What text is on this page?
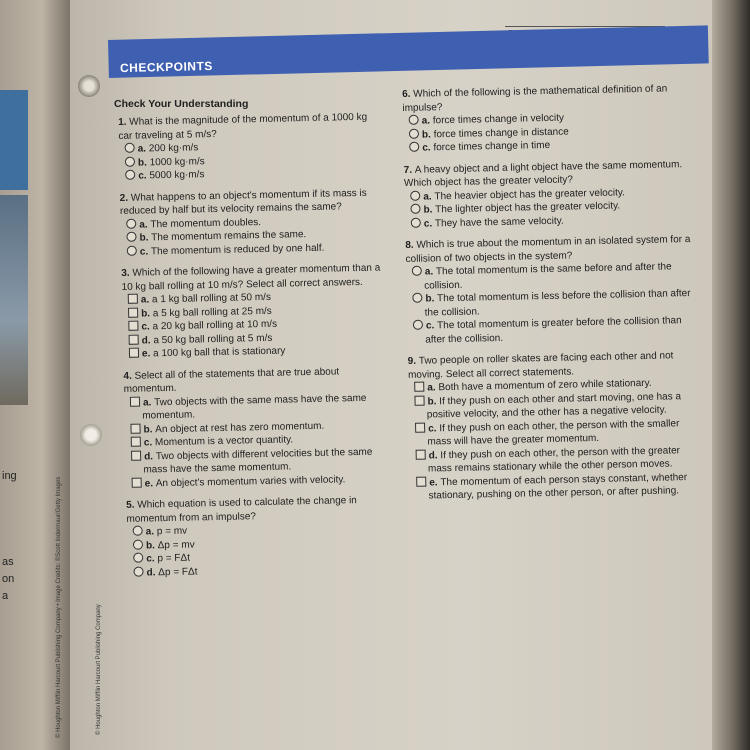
ing
as
on
a
CHECKPOINTS
Check Your Understanding
© Houghton Mifflin Harcourt Publishing Company • Image Credits: ©Scott Indermaur/Getty Images	© Houghton Mifflin Harcourt Publishing Company
1. What is the magnitude of the momentum of a 1000 kg car traveling at 5 m/s?
a. 200 kg·m/s
b. 1000 kg·m/s
c. 5000 kg·m/s
2. What happens to an object's momentum if its mass is reduced by half but its velocity remains the same?
a. The momentum doubles.
b. The momentum remains the same.
c. The momentum is reduced by one half.
3. Which of the following have a greater momentum than a 10 kg ball rolling at 10 m/s? Select all correct answers.
a. a 1 kg ball rolling at 50 m/s
b. a 5 kg ball rolling at 25 m/s
c. a 20 kg ball rolling at 10 m/s
d. a 50 kg ball rolling at 5 m/s
e. a 100 kg ball that is stationary
4. Select all of the statements that are true about momentum.
a. Two objects with the same mass have the same momentum.
b. An object at rest has zero momentum.
c. Momentum is a vector quantity.
d. Two objects with different velocities but the same mass have the same momentum.
e. An object's momentum varies with velocity.
5. Which equation is used to calculate the change in momentum from an impulse?
a. p = mv
b. Δp = mv
c. p = FΔt
d. Δp = FΔt
6. Which of the following is the mathematical definition of an impulse?
a. force times change in velocity
b. force times change in distance
c. force times change in time
7. A heavy object and a light object have the same momentum. Which object has the greater velocity?
a. The heavier object has the greater velocity.
b. The lighter object has the greater velocity.
c. They have the same velocity.
8. Which is true about the momentum in an isolated system for a collision of two objects in the system?
a. The total momentum is the same before and after the collision.
b. The total momentum is less before the collision than after the collision.
c. The total momentum is greater before the collision than after the collision.
9. Two people on roller skates are facing each other and not moving. Select all correct statements.
a. Both have a momentum of zero while stationary.
b. If they push on each other and start moving, one has a positive velocity, and the other has a negative velocity.
c. If they push on each other, the person with the smaller mass will have the greater momentum.
d. If they push on each other, the person with the greater mass remains stationary while the other person moves.
e. The momentum of each person stays constant, whether stationary, pushing on the other person, or after pushing.
